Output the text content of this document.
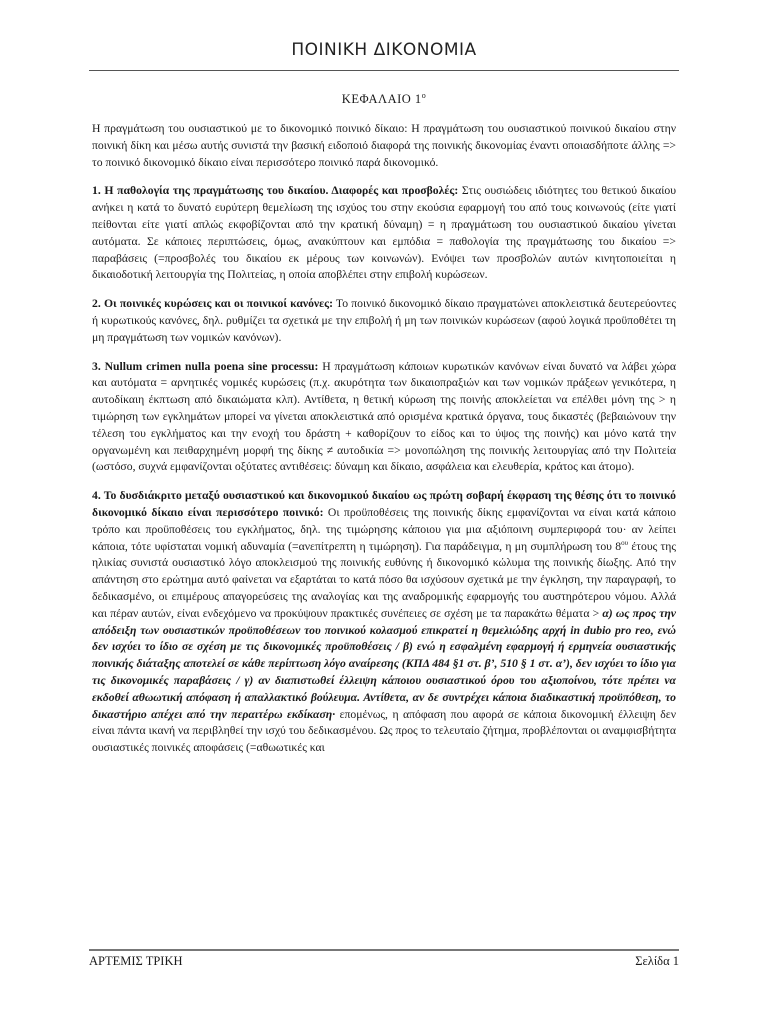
ΠΟΙΝΙΚΗ ΔΙΚΟΝΟΜΙΑ
ΚΕΦΑΛΑΙΟ $1^o$

Η πραγμάτωση του ουσιαστικού με το δικονομικό ποινικό δίκαιο: Η πραγμάτωση του ουσιαστικού ποινικού δικαίου στην ποινική δίκη και μέσω αυτής συνιστά την βασική ειδοποιό διαφορά της ποινικής δικονομίας έναντι οποιασδήποτε άλλης => το ποινικό δικονομικό δίκαιο είναι περισσότερο ποινικό παρά δικονομικό.

1. Η παθολογία της πραγμάτωσης του δικαίου. Διαφορές και προσβολές: Στις ουσιώδεις ιδιότητες του θετικού δικαίου ανήκει η κατά το δυνατό ευρύτερη θεμελίωση της ισχύος του στην εκούσια εφαρμογή του από τους κοινωνούς (είτε γιατί πείθονται είτε γιατί απλώς εκφοβίζονται από την κρατική δύναμη) = η πραγμάτωση του ουσιαστικού δικαίου γίνεται αυτόματα. Σε κάποιες περιπτώσεις, όμως, ανακύπτουν και εμπόδια = παθολογία της πραγμάτωσης του δικαίου => παραβάσεις (=προσβολές του δικαίου εκ μέρους των κοινωνών). Ενόψει των προσβολών αυτών κινητοποιείται η δικαιοδοτική λειτουργία της Πολιτείας, η οποία αποβλέπει στην επιβολή κυρώσεων.

2. Οι ποινικές κυρώσεις και οι ποινικοί κανόνες: Το ποινικό δικονομικό δίκαιο πραγματώνει αποκλειστικά δευτερεύοντες ή κυρωτικούς κανόνες, δηλ. ρυθμίζει τα σχετικά με την επιβολή ή μη των ποινικών κυρώσεων (αφού λογικά προϋποθέτει τη μη πραγμάτωση των νομικών κανόνων).

3. Nullum crimen nulla poena sine processu: Η πραγμάτωση κάποιων κυρωτικών κανόνων είναι δυνατό να λάβει χώρα και αυτόματα = αρνητικές νομικές κυρώσεις (π.χ. ακυρότητα των δικαιοπραξιών και των νομικών πράξεων γενικότερα, η αυτοδίκαιη έκπτωση από δικαιώματα κλπ). Αντίθετα, η θετική κύρωση της ποινής αποκλείεται να επέλθει μόνη της > η τιμώρηση των εγκλημάτων μπορεί να γίνεται αποκλειστικά από ορισμένα κρατικά όργανα, τους δικαστές (βεβαιώνουν την τέλεση του εγκλήματος και την ενοχή του δράστη + καθορίζουν το είδος και το ύψος της ποινής) και μόνο κατά την οργανωμένη και πειθαρχημένη μορφή της δίκης ≠ αυτοδικία => μονοπώληση της ποινικής λειτουργίας από την Πολιτεία (ωστόσο, συχνά εμφανίζονται οξύτατες αντιθέσεις: δύναμη και δίκαιο, ασφάλεια και ελευθερία, κράτος και άτομο).

4. Το δυσδιάκριτο μεταξύ ουσιαστικού και δικονομικού δικαίου ως πρώτη σοβαρή έκφραση της θέσης ότι το ποινικό δικονομικό δίκαιο είναι περισσότερο ποινικό: Οι προϋποθέσεις της ποινικής δίκης εμφανίζονται να είναι κατά κάποιο τρόπο και προϋποθέσεις του εγκλήματος, δηλ. της τιμώρησης κάποιου για μια αξιόποινη συμπεριφορά του· αν λείπει κάποια, τότε υφίσταται νομική αδυναμία (=ανεπίτρεπτη η τιμώρηση). Για παράδειγμα, η μη συμπλήρωση του $8^{o\upsilon}$ έτους της ηλικίας συνιστά ουσιαστικό λόγο αποκλεισμού της ποινικής ευθύνης ή δικονομικό κώλυμα της ποινικής δίωξης. Από την απάντηση στο ερώτημα αυτό φαίνεται να εξαρτάται το κατά πόσο θα ισχύσουν σχετικά με την έγκληση, την παραγραφή, το δεδικασμένο, οι επιμέρους απαγορεύσεις της αναλογίας και της αναδρομικής εφαρμογής του αυστηρότερου νόμου. Αλλά και πέραν αυτών, είναι ενδεχόμενο να προκύψουν πρακτικές συνέπειες σε σχέση με τα παρακάτω θέματα > α) ως προς την απόδειξη των ουσιαστικών προϋποθέσεων του ποινικού κολασμού επικρατεί η θεμελιώδης αρχή in dubio pro reo, ενώ δεν ισχύει το ίδιο σε σχέση με τις δικονομικές προϋποθέσεις / β) ενώ η εσφαλμένη εφαρμογή ή ερμηνεία ουσιαστικής ποινικής διάταξης αποτελεί σε κάθε περίπτωση λόγο αναίρεσης (ΚΠΔ 484 §1 στ. β’, 510 § 1 στ. α’), δεν ισχύει το ίδιο για τις δικονομικές παραβάσεις / γ) αν διαπιστωθεί έλλειψη κάποιου ουσιαστικού όρου του αξιοποίνου, τότε πρέπει να εκδοθεί αθωωτική απόφαση ή απαλλακτικό βούλευμα. Αντίθετα, αν δε συντρέχει κάποια διαδικαστική προϋπόθεση, το δικαστήριο απέχει από την περαιτέρω εκδίκαση· επομένως, η απόφαση που αφορά σε κάποια δικονομική έλλειψη δεν είναι πάντα ικανή να περιβληθεί την ισχύ του δεδικασμένου. Ως προς το τελευταίο ζήτημα, προβλέπονται οι αναμφισβήτητα ουσιαστικές ποινικές αποφάσεις (=αθωωτικές και

ΑΡΤΕΜΙΣ ΤΡΙΚΗ	Σελίδα 1
